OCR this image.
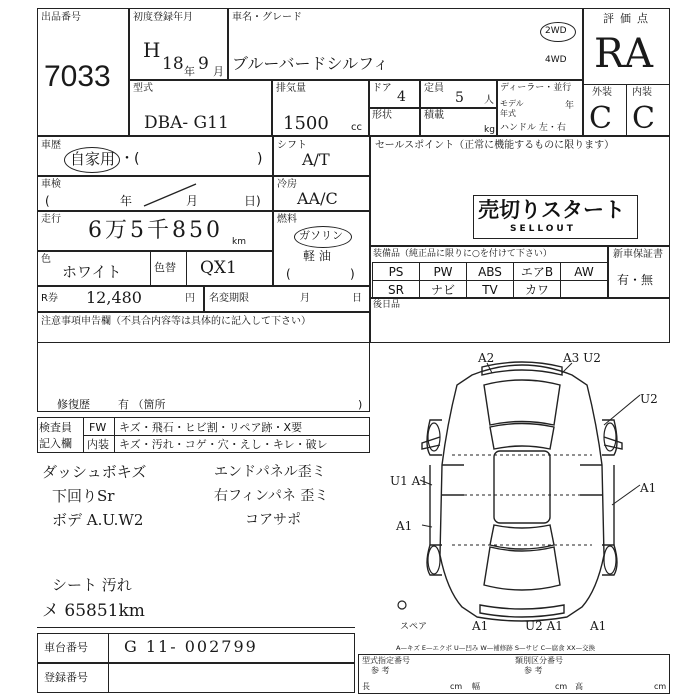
出品番号
7033
初度登録年月
H
18 9
年 月
車名・グレード
ブルーバードシルフィ
2WD
4WD
評価点
RA
外装 内装
C C
型式
DBA- G11
排気量
1500 cc
ドア
4
定員
5 人
形状	積載
kg
ディーラー・並行
モデル年式
年
ハンドル 左・右
車歴
自家用 ・(	)
シフト
A/T
セールスポイント（正常に機能するものに限ります）
車検
(	年	月	日)
冷房
AA/C
走行 6万5千850 km
燃料
ガソリン
軽 油
(	)
売切りスタート
SELLOUT
色
ホワイト	色替 QX1
装備品（純正品に限りに○を付けて下さい）
PS	PW	ABS	エアB	AW
SR	ナビ	TV	カワ	
新車保証書
有・無
R券 12,480	円 名変期限	月	日
後日品
注意事項申告欄（不具合内容等は具体的に記入して下さい）
修復歴	有 （箇所	)
検査員
記入欄
FW キズ・飛石・ヒビ割・リペア跡・X要
内装 キズ・汚れ・コゲ・穴・えし・キレ・破レ
ダッシュボキズ
下回りSr
ボデ A.U.W2
シート 汚れ
メ 65851km
エンドパネル歪ミ
右フィンパネ 歪ミ
コアサポ
A2	A3 U2
U2
U1 A1
A1
A1
A1	U2 A1 A1
スペア
車台番号 G 11- 002799
登録番号
A—キズ E—エクボ U—凹み W—補修跡 S—サビ C—腐食 XX—交換
型式指定番号
参 考
類別区分番号
参 考
長	幅	高
cm	cm	cm
